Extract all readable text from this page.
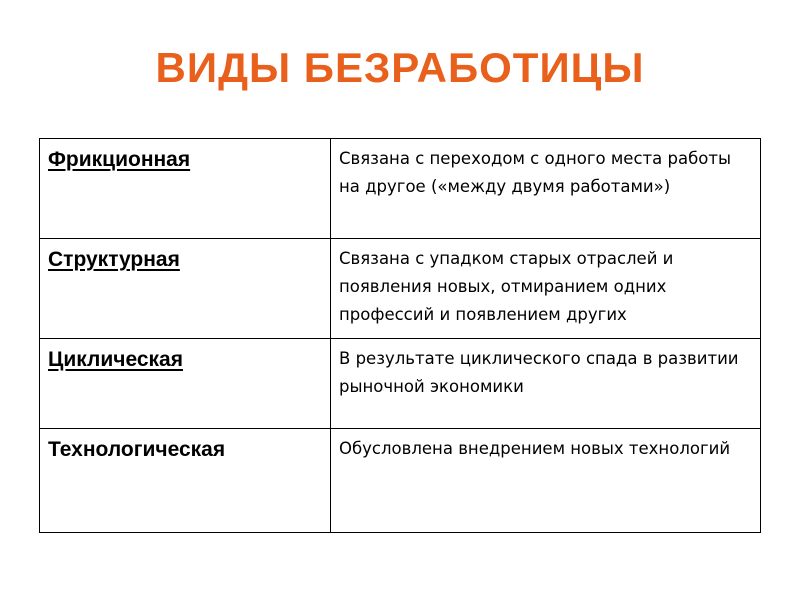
ВИДЫ БЕЗРАБОТИЦЫ
Фрикционная	Связана с переходом с одного места работы на другое («между двумя работами»)
Структурная	Связана с упадком старых отраслей и появления новых, отмиранием одних профессий и появлением других
Циклическая	В результате циклического спада в развитии рыночной экономики
Технологическая	Обусловлена внедрением новых технологий
